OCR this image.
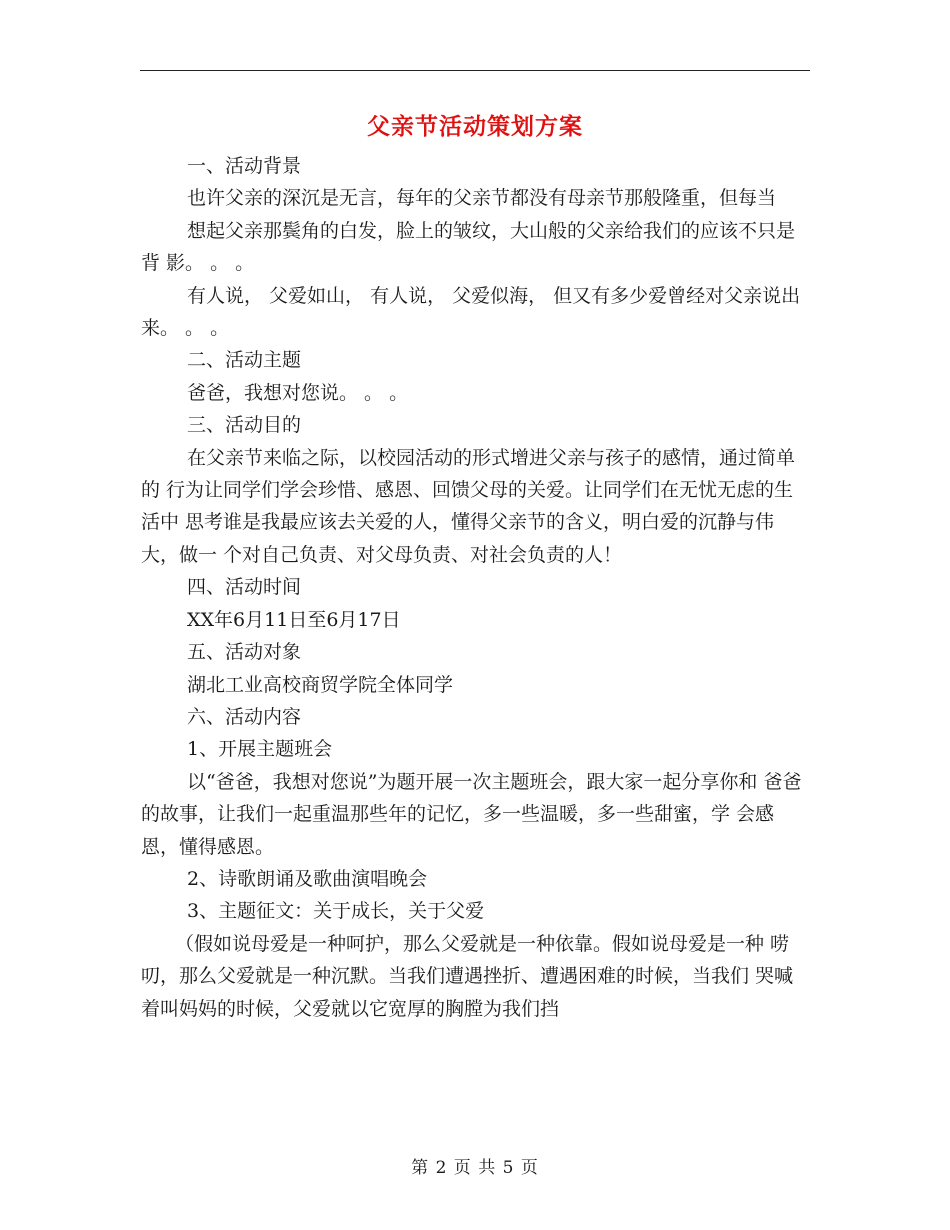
父亲节活动策划方案

一、活动背景

也许父亲的深沉是无言，每年的父亲节都没有母亲节那般隆重，但每当

想起父亲那鬓角的白发，脸上的皱纹，大山般的父亲给我们的应该不只是背 影。 。 。

有人说， 父爱如山， 有人说， 父爱似海， 但又有多少爱曾经对父亲说出来。 。 。

二、活动主题

爸爸，我想对您说。 。 。

三、活动目的

在父亲节来临之际，以校园活动的形式增进父亲与孩子的感情，通过简单的 行为让同学们学会珍惜、感恩、回馈父母的关爱。让同学们在无忧无虑的生活中 思考谁是我最应该去关爱的人，懂得父亲节的含义，明白爱的沉静与伟大，做一 个对自己负责、对父母负责、对社会负责的人！

四、活动时间

XX年6月11日至6月17日

五、活动对象

湖北工业高校商贸学院全体同学

六、活动内容

1、开展主题班会

以“爸爸，我想对您说”为题开展一次主题班会，跟大家一起分享你和 爸爸的故事，让我们一起重温那些年的记忆，多一些温暖，多一些甜蜜，学 会感恩，懂得感恩。

2、诗歌朗诵及歌曲演唱晚会

3、主题征文：关于成长，关于父爱

（假如说母爱是一种呵护，那么父爱就是一种依靠。假如说母爱是一种 唠叨，那么父爱就是一种沉默。当我们遭遇挫折、遭遇困难的时候，当我们 哭喊着叫妈妈的时候，父爱就以它宽厚的胸膛为我们挡

第 2 页 共 5 页
